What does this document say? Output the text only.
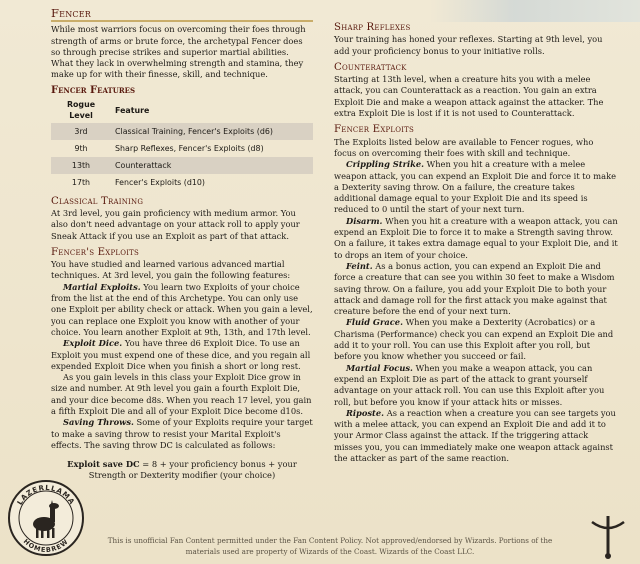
Fencer

While most warriors focus on overcoming their foes through strength of arms or brute force, the archetypal Fencer does so through precise strikes and superior martial abilities. What they lack in overwhelming strength and stamina, they make up for with their finesse, skill, and technique.

Fencer Features
Rogue Level	Feature
3rd	Classical Training, Fencer's Exploits (d6)
9th	Sharp Reflexes, Fencer's Exploits (d8)
13th	Counterattack
17th	Fencer's Exploits (d10)
Classical Training

At 3rd level, you gain proficiency with medium armor. You also don't need advantage on your attack roll to apply your Sneak Attack if you use an Exploit as part of that attack.

Fencer's Exploits

You have studied and learned various advanced martial techniques. At 3rd level, you gain the following features:

Martial Exploits. You learn two Exploits of your choice from the list at the end of this Archetype. You can only use one Exploit per ability check or attack. When you gain a level, you can replace one Exploit you know with another of your choice. You learn another Exploit at 9th, 13th, and 17th level.

Exploit Dice. You have three d6 Exploit Dice. To use an Exploit you must expend one of these dice, and you regain all expended Exploit Dice when you finish a short or long rest.

As you gain levels in this class your Exploit Dice grow in size and number. At 9th level you gain a fourth Exploit Die, and your dice become d8s. When you reach 17 level, you gain a fifth Exploit Die and all of your Exploit Dice become d10s.

Saving Throws. Some of your Exploits require your target to make a saving throw to resist your Marital Exploit's effects. The saving throw DC is calculated as follows:

Exploit save DC = 8 + your proficiency bonus + your
Strength or Dexterity modifier (your choice)

Sharp Reflexes

Your training has honed your reflexes. Starting at 9th level, you add your proficiency bonus to your initiative rolls.

Counterattack

Starting at 13th level, when a creature hits you with a melee attack, you can Counterattack as a reaction. You gain an extra Exploit Die and make a weapon attack against the attacker. The extra Exploit Die is lost if it is not used to Counterattack.

Fencer Exploits

The Exploits listed below are available to Fencer rogues, who focus on overcoming their foes with skill and technique.

Crippling Strike. When you hit a creature with a melee weapon attack, you can expend an Exploit Die and force it to make a Dexterity saving throw. On a failure, the creature takes additional damage equal to your Exploit Die and its speed is reduced to 0 until the start of your next turn.

Disarm. When you hit a creature with a weapon attack, you can expend an Exploit Die to force it to make a Strength saving throw. On a failure, it takes extra damage equal to your Exploit Die, and it to drops an item of your choice.

Feint. As a bonus action, you can expend an Exploit Die and force a creature that can see you within 30 feet to make a Wisdom saving throw. On a failure, you add your Exploit Die to both your attack and damage roll for the first attack you make against that creature before the end of your next turn.

Fluid Grace. When you make a Dexterity (Acrobatics) or a Charisma (Performance) check you can expend an Exploit Die and add it to your roll. You can use this Exploit after you roll, but before you know whether you succeed or fail.

Martial Focus. When you make a weapon attack, you can expend an Exploit Die as part of the attack to grant yourself advantage on your attack roll. You can use this Exploit after you roll, but before you know if your attack hits or misses.

Riposte. As a reaction when a creature you can see targets you with a melee attack, you can expend an Exploit Die and add it to your Armor Class against the attack. If the triggering attack misses you, you can immediately make one weapon attack against the attacker as part of the same reaction.

LAZERLLAMA
HOMEBREW	This is unofficial Fan Content permitted under the Fan Content Policy. Not approved/endorsed by Wizards. Portions of the
materials used are property of Wizards of the Coast. Wizards of the Coast LLC.
